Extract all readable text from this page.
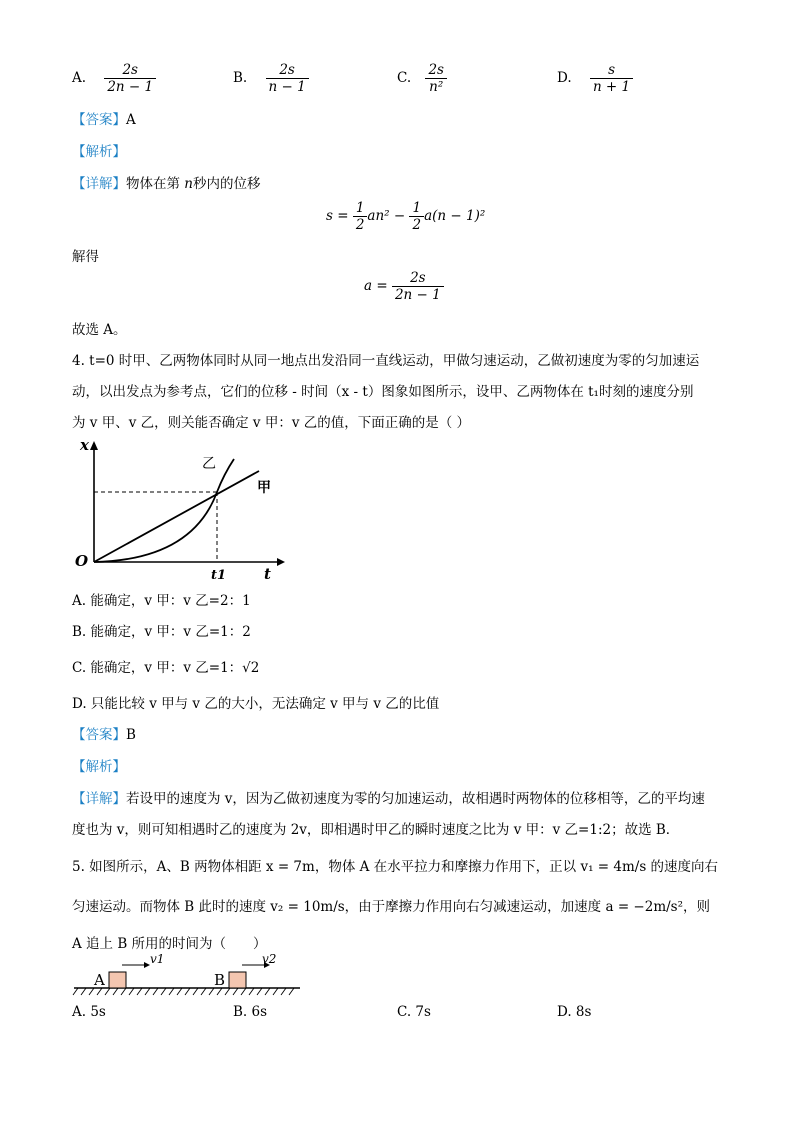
A. $\frac{2s}{2n - 1}$	B. $\frac{2s}{n - 1}$	C. $\frac{2s}{\text{n²}}$	D. $\frac{s}{n + 1}$
【答案】A
【解析】
【详解】物体在第 n秒内的位移
$s = \frac{1}{2} an^2 - \frac{1}{2} a(n - 1)^2$
解得
$a = \frac{2s}{2n - 1}$
故选 A。
4. t=0 时甲、乙两物体同时从同一地点出发沿同一直线运动，甲做匀速运动，乙做初速度为零的匀加速运
动，以出发点为参考点，它们的位移 - 时间（x - t）图象如图所示，设甲、乙两物体在 t₁时刻的速度分别
为 v 甲、v 乙，则关能否确定 v 甲：v 乙的值，下面正确的是（ ）
x
t
O
t1
乙
甲
A. 能确定，v 甲：v 乙=2：1
B. 能确定，v 甲：v 乙=1：2
C. 能确定，v 甲：v 乙=1：√2
D. 只能比较 v 甲与 v 乙的大小，无法确定 v 甲与 v 乙的比值
【答案】B
【解析】
【详解】若设甲的速度为 v，因为乙做初速度为零的匀加速运动，故相遇时两物体的位移相等，乙的平均速
度也为 v，则可知相遇时乙的速度为 2v，即相遇时甲乙的瞬时速度之比为 v 甲：v 乙=1:2；故选 B．
5. 如图所示，A、B 两物体相距 x = 7m，物体 A 在水平拉力和摩擦力作用下，正以 v₁ = 4m/s 的速度向右
匀速运动。而物体 B 此时的速度 v₂ = 10m/s，由于摩擦力作用向右匀减速运动，加速度 a = −2m/s²，则
A 追上 B 所用的时间为（　　）
A	B
v1	v2
A. 5s	B. 6s	C. 7s	D. 8s
